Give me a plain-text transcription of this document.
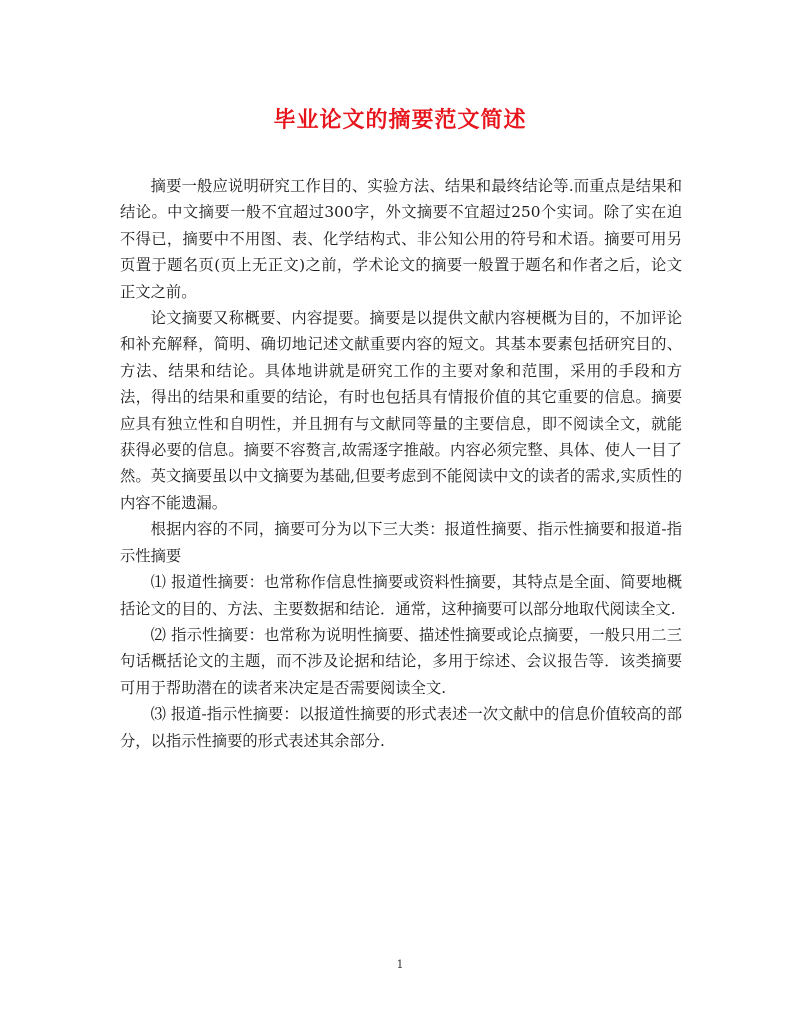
毕业论文的摘要范文简述

摘要一般应说明研究工作目的、实验方法、结果和最终结论等.而重点是结果和结论。中文摘要一般不宜超过300字，外文摘要不宜超过250个实词。除了实在迫不得已，摘要中不用图、表、化学结构式、非公知公用的符号和术语。摘要可用另页置于题名页(页上无正文)之前，学术论文的摘要一般置于题名和作者之后，论文正文之前。

论文摘要又称概要、内容提要。摘要是以提供文献内容梗概为目的，不加评论和补充解释，简明、确切地记述文献重要内容的短文。其基本要素包括研究目的、方法、结果和结论。具体地讲就是研究工作的主要对象和范围，采用的手段和方法，得出的结果和重要的结论，有时也包括具有情报价值的其它重要的信息。摘要应具有独立性和自明性，并且拥有与文献同等量的主要信息，即不阅读全文，就能获得必要的信息。摘要不容赘言,故需逐字推敲。内容必须完整、具体、使人一目了然。英文摘要虽以中文摘要为基础,但要考虑到不能阅读中文的读者的需求,实质性的内容不能遗漏。

根据内容的不同，摘要可分为以下三大类：报道性摘要、指示性摘要和报道-指示性摘要

⑴ 报道性摘要：也常称作信息性摘要或资料性摘要，其特点是全面、简要地概括论文的目的、方法、主要数据和结论．通常，这种摘要可以部分地取代阅读全文.

⑵ 指示性摘要：也常称为说明性摘要、描述性摘要或论点摘要，一般只用二三句话概括论文的主题，而不涉及论据和结论，多用于综述、会议报告等．该类摘要可用于帮助潜在的读者来决定是否需要阅读全文.

⑶ 报道-指示性摘要：以报道性摘要的形式表述一次文献中的信息价值较高的部分，以指示性摘要的形式表述其余部分.

1
